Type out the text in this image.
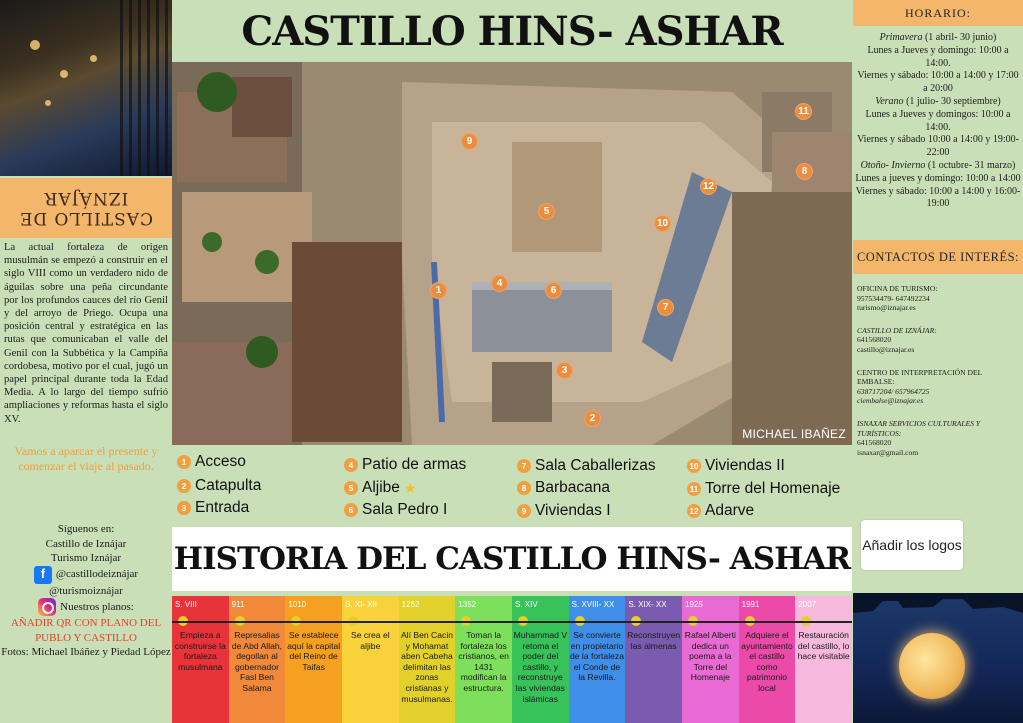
CASTILLO DE
IZNÁJAR
La actual fortaleza de origen musulmán se empezó a construir en el siglo VIII como un verdadero nido de águilas sobre una peña circundante por los profundos cauces del río Genil y del arroyo de Priego. Ocupa una posición central y estratégica en las rutas que comunicaban el valle del Genil con la Subbética y la Campiña cordobesa, motivo por el cual, jugó un papel principal durante toda la Edad Media. A lo largo del tiempo sufrió ampliaciones y reformas hasta el siglo XV.
Vamos a aparcar el presente y comenzar el viaje al pasado.
Síguenos en:
Castillo de Iznájar
Turismo Iznájar
f @castillodeiznájar
@turismoiznájar
Nuestros planos:
AÑADIR QR CON PLANO DEL PUBLO Y CASTILLO
Fotos: Michael Ibáñez y Piedad López
CASTILLO HINS- ASHAR
1
2
3
4
5
6
7
8
9
10
11
12
MICHAEL IBAÑEZ
1 Acceso
2 Catapulta
3 Entrada
4 Patio de armas
5 Aljibe ★
6 Sala Pedro I
7 Sala Caballerizas
8 Barbacana
9 Viviendas I
10 Viviendas II
11 Torre del Homenaje
12 Adarve
HORARIO:
Primavera (1 abril- 30 junio)
Lunes a Jueves y domingo: 10:00 a 14:00.
Viernes y sábado: 10:00 a 14:00 y 17:00 a 20:00
Verano (1 julio- 30 septiembre)
Lunes a Jueves y domingos: 10:00 a 14:00.
Viernes y sábado 10:00 a 14:00 y 19:00- 22:00
Otoño- Invierno (1 octubre- 31 marzo)
Lunes a jueves y domingo: 10:00 a 14:00
Viernes y sábado: 10:00 a 14:00 y 16:00- 19:00
CONTACTOS DE INTERÉS:
OFICINA DE TURISMO:
957534479- 647492234
turismo@iznajar.es
CASTILLO DE IZNÁJAR:
641568020
castillo@iznajar.es
CENTRO DE INTERPRETACIÓN DEL EMBALSE:
638717204/ 657964725
ciembalse@iznajar.es
ISNAXAR SERVICIOS CULTURALES Y TURÍSTICOS:
641568020
isnaxar@gmail.com
Añadir los logos
HISTORIA DEL CASTILLO HINS- ASHAR
S. VIII
Empieza a construirse la fortaleza musulmana
911
Represalias de Abd Allah, degollan al gobernador Fasl Ben Salama
1010
Se establece aquí la capital del Reino de Taifas
S. XI- XII
Se crea el aljibe
1262
Alí Ben Cacin y Mohamat aben Cabeha delimitan las zonas cristianas y musulmanas.
1352
Toman la fortaleza los cristianos, en 1431 modifican la estructura.
S. XIV
Muhammad V retoma el poder del castillo, y reconstruye las viviendas islámicas
S. XVIII- XX
Se convierte en propietario de la fortaleza el Conde de la Revilla.
S. XIX- XX
Reconstruyen las almenas
1925
Rafael Alberti dedica un poema a la Torre del Homenaje
1991
Adquiere el ayuntamiento el castillo como patrimonio local
2007
Restauración del castillo, lo hace visitable
